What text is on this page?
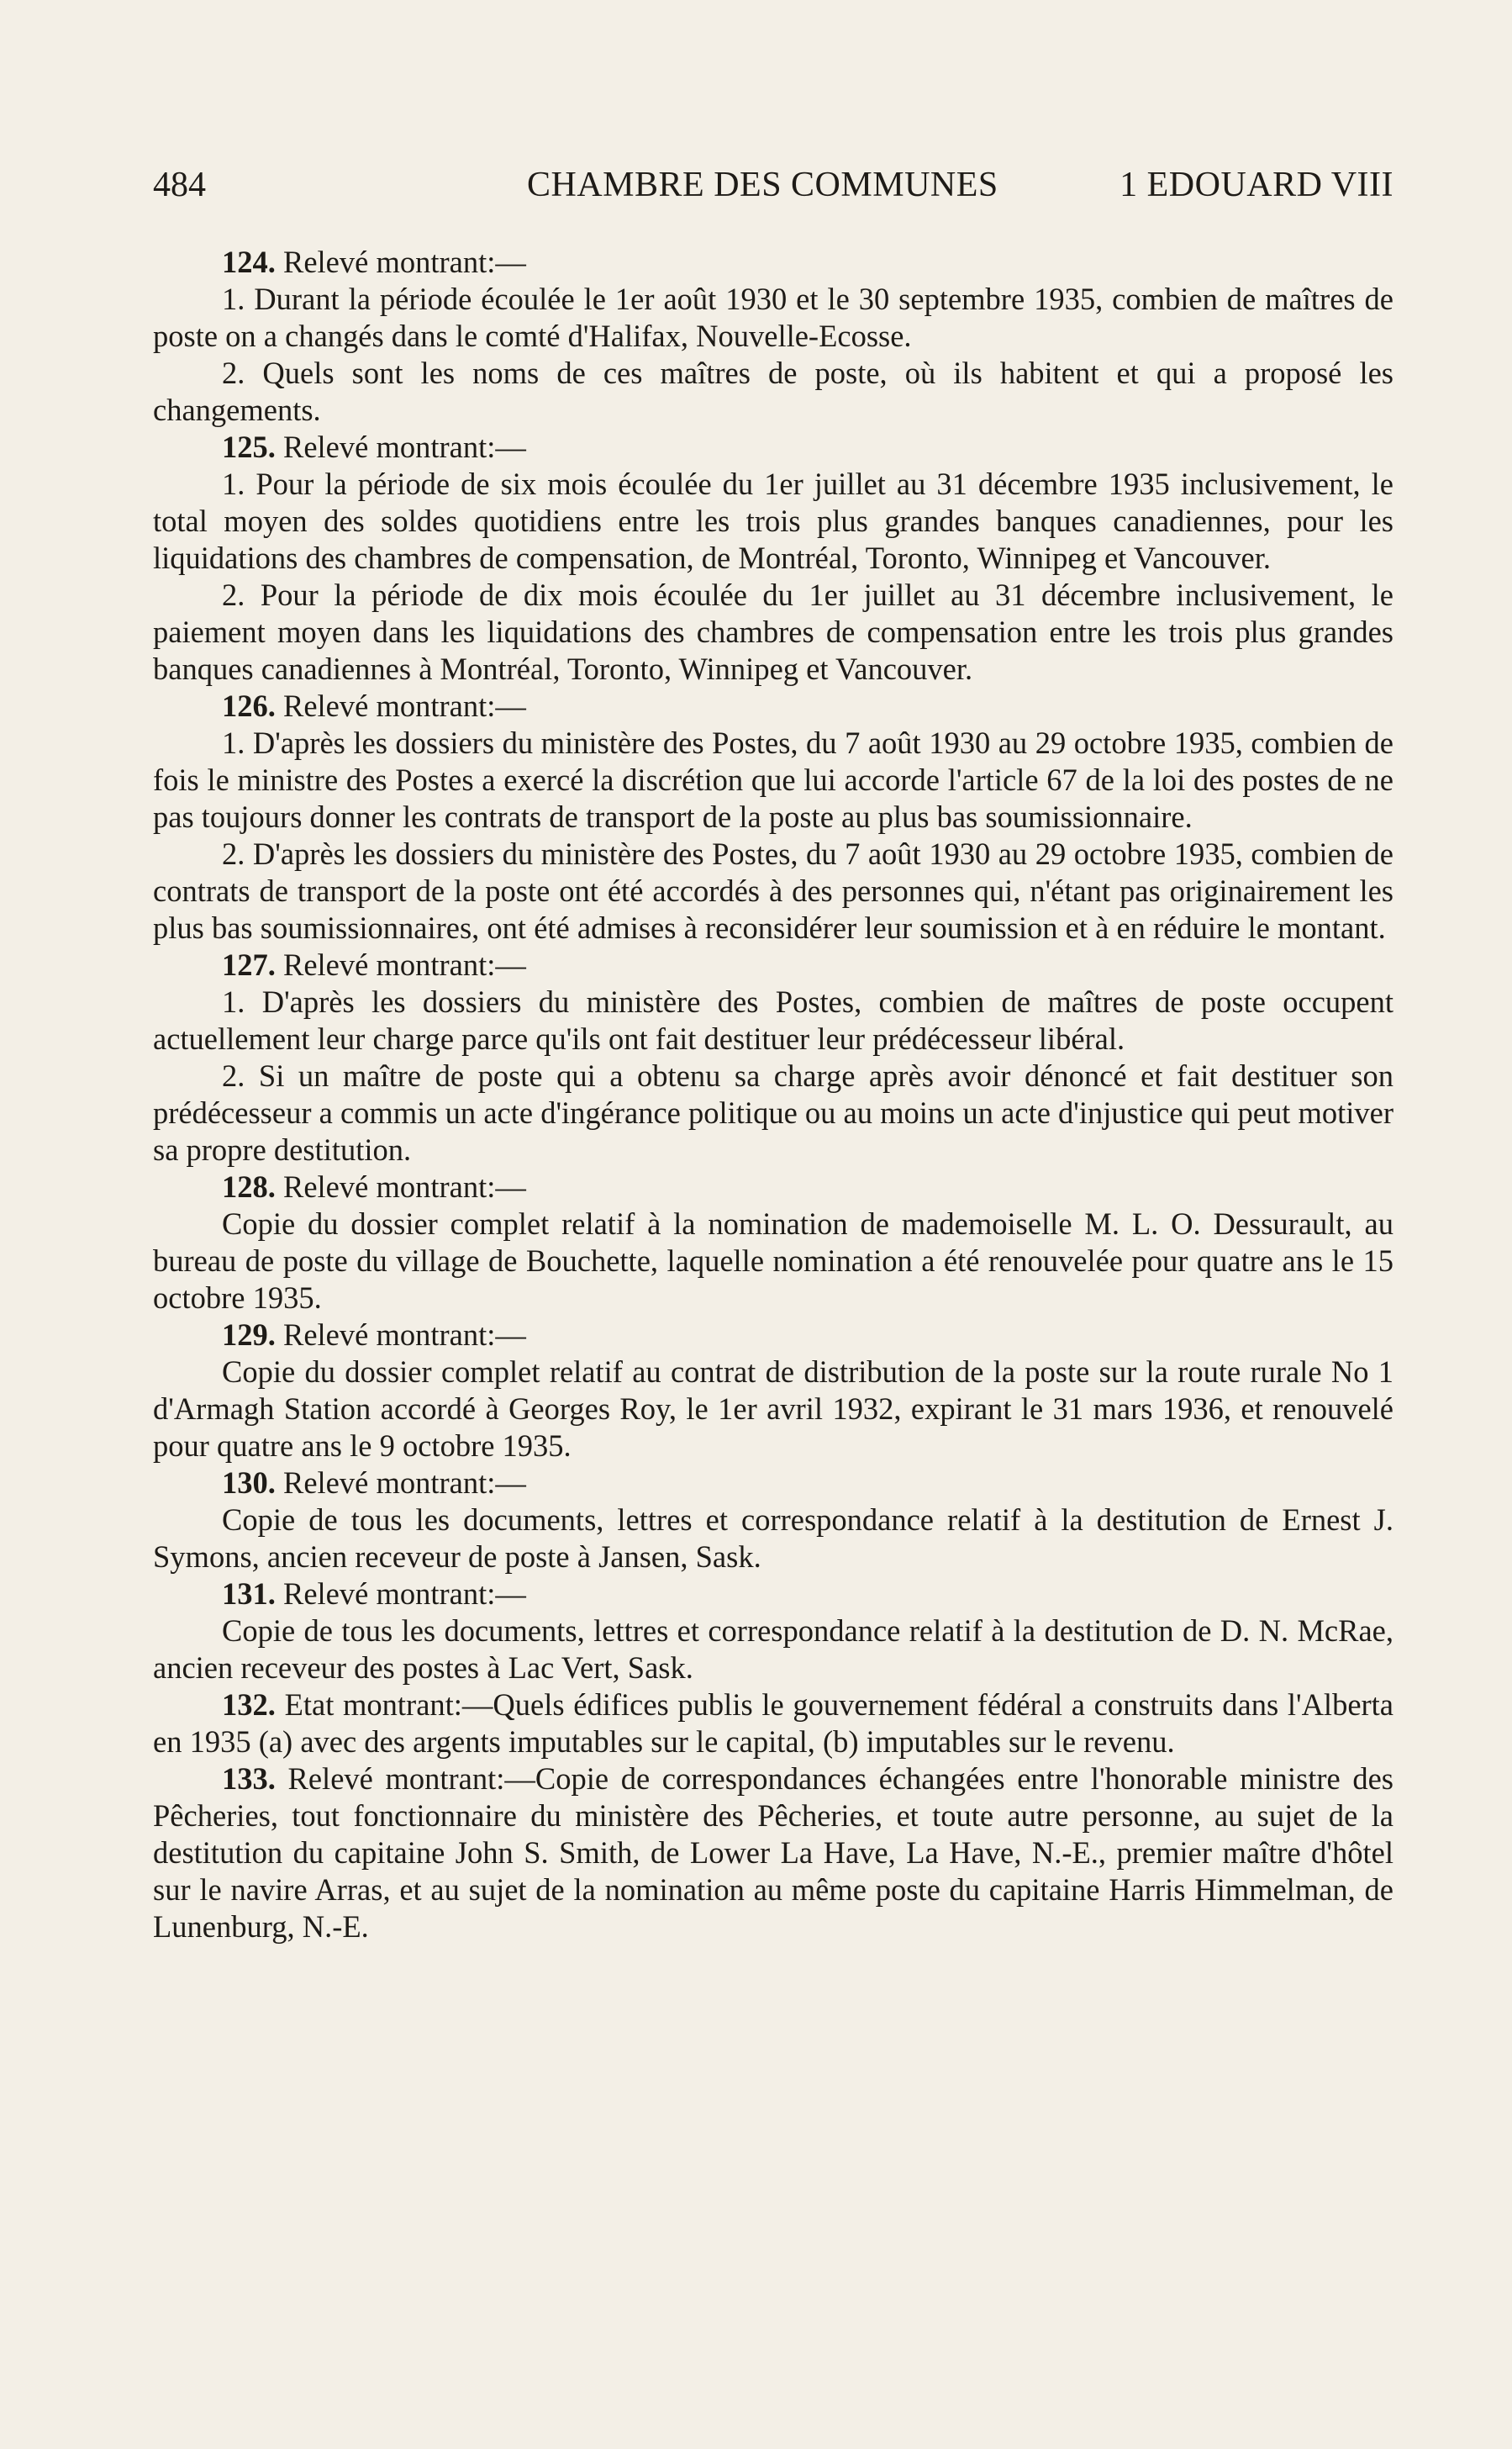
484	CHAMBRE DES COMMUNES	1 EDOUARD VIII

124. Relevé montrant:—

1. Durant la période écoulée le 1er août 1930 et le 30 septembre 1935, combien de maîtres de poste on a changés dans le comté d'Halifax, Nouvelle-Ecosse.

2. Quels sont les noms de ces maîtres de poste, où ils habitent et qui a proposé les changements.

125. Relevé montrant:—

1. Pour la période de six mois écoulée du 1er juillet au 31 décembre 1935 inclusivement, le total moyen des soldes quotidiens entre les trois plus grandes banques canadiennes, pour les liquidations des chambres de compensation, de Montréal, Toronto, Winnipeg et Vancouver.

2. Pour la période de dix mois écoulée du 1er juillet au 31 décembre inclusivement, le paiement moyen dans les liquidations des chambres de compensation entre les trois plus grandes banques canadiennes à Montréal, Toronto, Winnipeg et Vancouver.

126. Relevé montrant:—

1. D'après les dossiers du ministère des Postes, du 7 août 1930 au 29 octobre 1935, combien de fois le ministre des Postes a exercé la discrétion que lui accorde l'article 67 de la loi des postes de ne pas toujours donner les contrats de transport de la poste au plus bas soumissionnaire.

2. D'après les dossiers du ministère des Postes, du 7 août 1930 au 29 octobre 1935, combien de contrats de transport de la poste ont été accordés à des personnes qui, n'étant pas originairement les plus bas soumissionnaires, ont été admises à reconsidérer leur soumission et à en réduire le montant.

127. Relevé montrant:—

1. D'après les dossiers du ministère des Postes, combien de maîtres de poste occupent actuellement leur charge parce qu'ils ont fait destituer leur prédécesseur libéral.

2. Si un maître de poste qui a obtenu sa charge après avoir dénoncé et fait destituer son prédécesseur a commis un acte d'ingérance politique ou au moins un acte d'injustice qui peut motiver sa propre destitution.

128. Relevé montrant:—

Copie du dossier complet relatif à la nomination de mademoiselle M. L. O. Dessurault, au bureau de poste du village de Bouchette, laquelle nomination a été renouvelée pour quatre ans le 15 octobre 1935.

129. Relevé montrant:—

Copie du dossier complet relatif au contrat de distribution de la poste sur la route rurale No 1 d'Armagh Station accordé à Georges Roy, le 1er avril 1932, expirant le 31 mars 1936, et renouvelé pour quatre ans le 9 octobre 1935.

130. Relevé montrant:—

Copie de tous les documents, lettres et correspondance relatif à la destitution de Ernest J. Symons, ancien receveur de poste à Jansen, Sask.

131. Relevé montrant:—

Copie de tous les documents, lettres et correspondance relatif à la destitution de D. N. McRae, ancien receveur des postes à Lac Vert, Sask.

132. Etat montrant:—Quels édifices publis le gouvernement fédéral a construits dans l'Alberta en 1935 (a) avec des argents imputables sur le capital, (b) imputables sur le revenu.

133. Relevé montrant:—Copie de correspondances échangées entre l'honorable ministre des Pêcheries, tout fonctionnaire du ministère des Pêcheries, et toute autre personne, au sujet de la destitution du capitaine John S. Smith, de Lower La Have, La Have, N.-E., premier maître d'hôtel sur le navire Arras, et au sujet de la nomination au même poste du capitaine Harris Himmelman, de Lunenburg, N.-E.
